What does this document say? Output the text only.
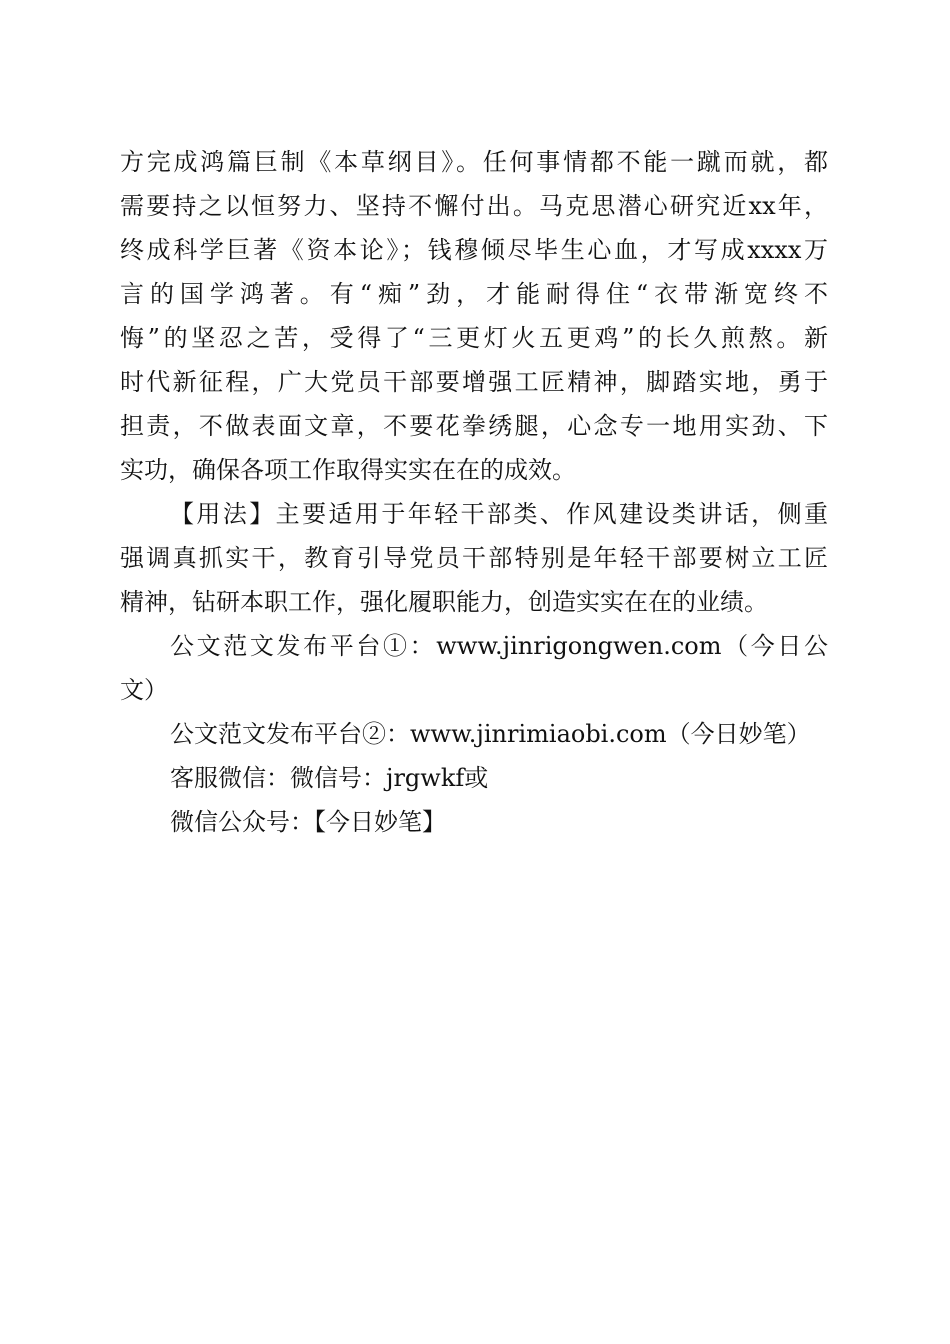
方完成鸿篇巨制《本草纲目》。任何事情都不能一蹴而就，都
需要持之以恒努力、坚持不懈付出。马克思潜心研究近xx年，
终成科学巨著《资本论》；钱穆倾尽毕生心血，才写成xxxx万
言的国学鸿著。有“痴”劲，才能耐得住“衣带渐宽终不
悔”的坚忍之苦，受得了“三更灯火五更鸡”的长久煎熬。新
时代新征程，广大党员干部要增强工匠精神，脚踏实地，勇于
担责，不做表面文章，不要花拳绣腿，心念专一地用实劲、下
实功，确保各项工作取得实实在在的成效。
【用法】主要适用于年轻干部类、作风建设类讲话，侧重
强调真抓实干，教育引导党员干部特别是年轻干部要树立工匠
精神，钻研本职工作，强化履职能力，创造实实在在的业绩。
公文范文发布平台①：www.jinrigongwen.com（今日公
文）
公文范文发布平台②：www.jinrimiaobi.com（今日妙笔）
客服微信：微信号：jrgwkf或
微信公众号：【今日妙笔】
